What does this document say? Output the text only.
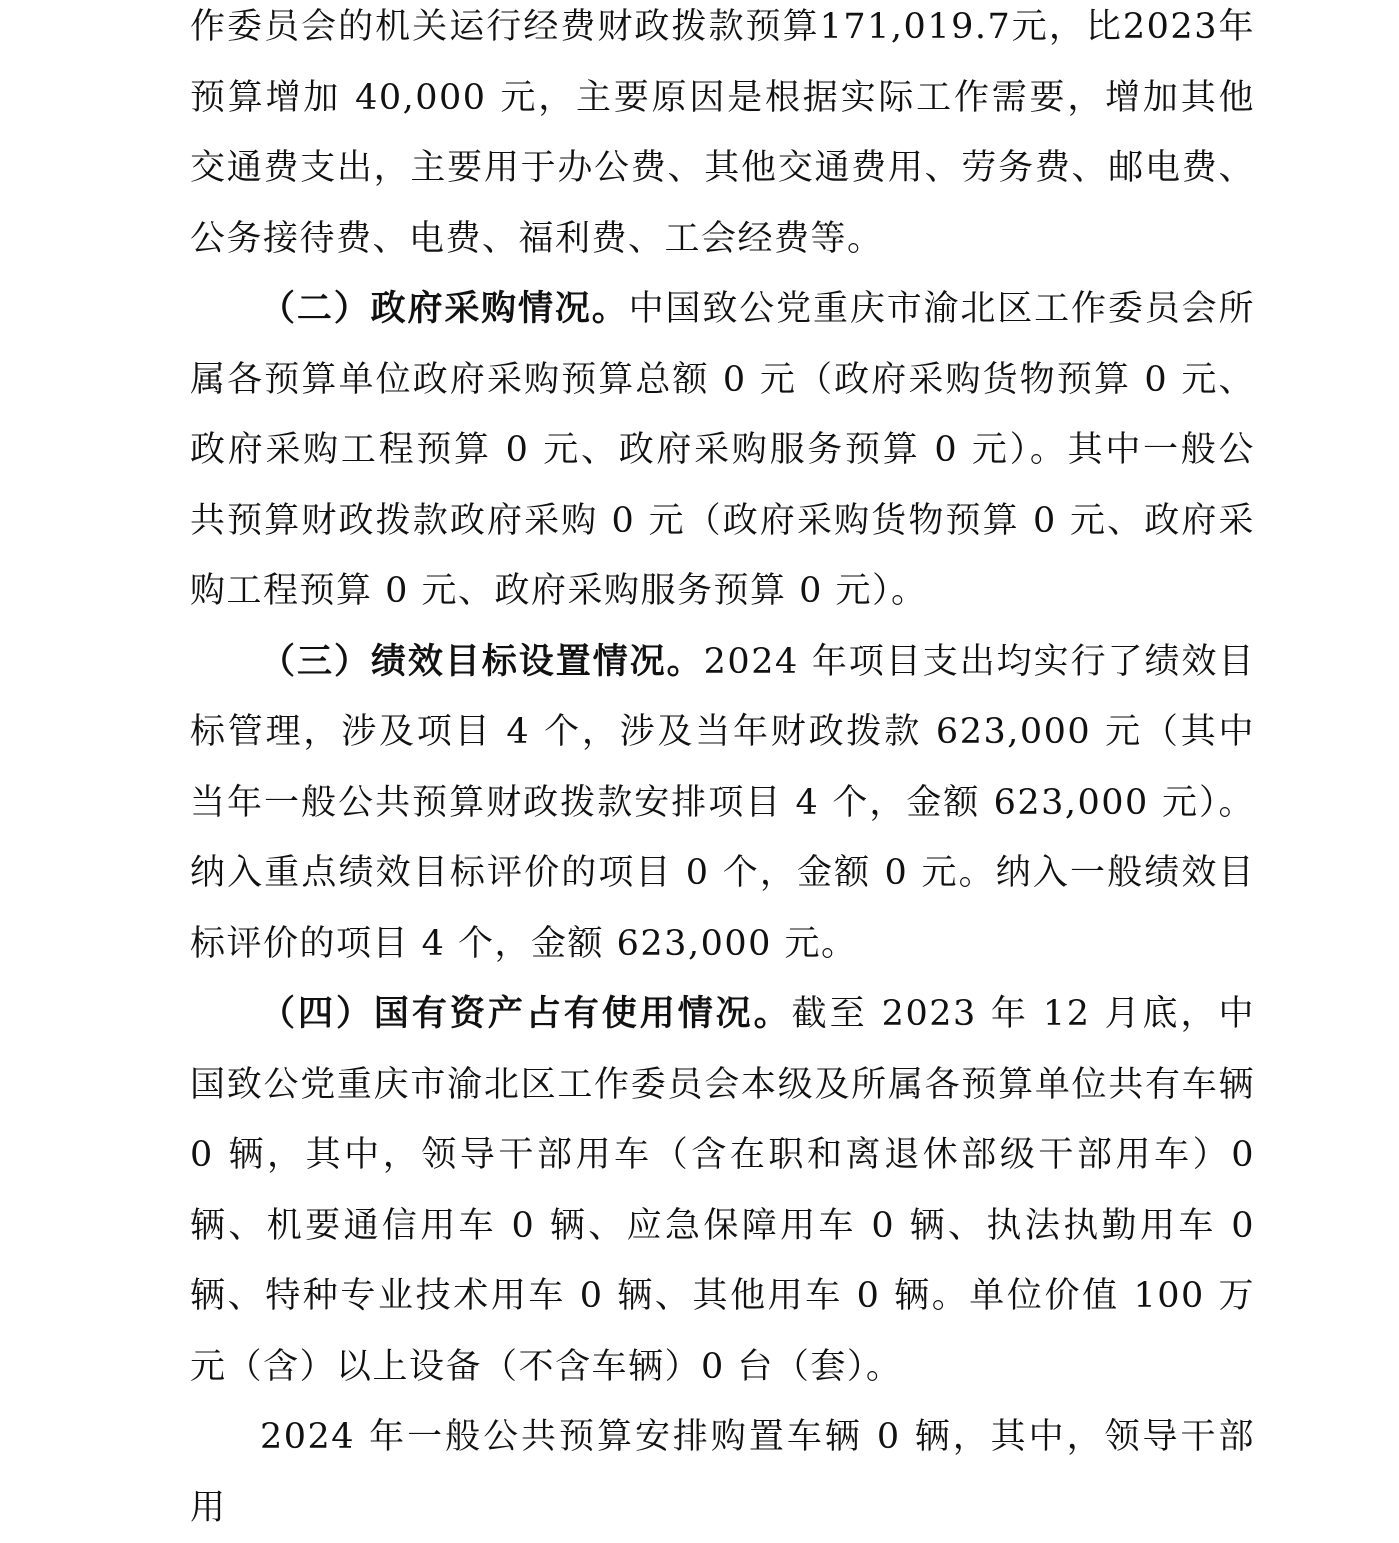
作委员会的机关运行经费财政拨款预算171,019.7元，比2023年预算增加 40,000 元，主要原因是根据实际工作需要，增加其他交通费支出，主要用于办公费、其他交通费用、劳务费、邮电费、公务接待费、电费、福利费、工会经费等。

（二）政府采购情况。中国致公党重庆市渝北区工作委员会所属各预算单位政府采购预算总额 0 元（政府采购货物预算 0 元、政府采购工程预算 0 元、政府采购服务预算 0 元）。其中一般公共预算财政拨款政府采购 0 元（政府采购货物预算 0 元、政府采购工程预算 0 元、政府采购服务预算 0 元）。

（三）绩效目标设置情况。2024 年项目支出均实行了绩效目标管理，涉及项目 4 个，涉及当年财政拨款 623,000 元（其中当年一般公共预算财政拨款安排项目 4 个，金额 623,000 元）。纳入重点绩效目标评价的项目 0 个，金额 0 元。纳入一般绩效目标评价的项目 4 个，金额 623,000 元。

（四）国有资产占有使用情况。截至 2023 年 12 月底，中国致公党重庆市渝北区工作委员会本级及所属各预算单位共有车辆 0 辆，其中，领导干部用车（含在职和离退休部级干部用车）0 辆、机要通信用车 0 辆、应急保障用车 0 辆、执法执勤用车 0 辆、特种专业技术用车 0 辆、其他用车 0 辆。单位价值 100 万元（含）以上设备（不含车辆）0 台（套）。

2024 年一般公共预算安排购置车辆 0 辆，其中，领导干部用
